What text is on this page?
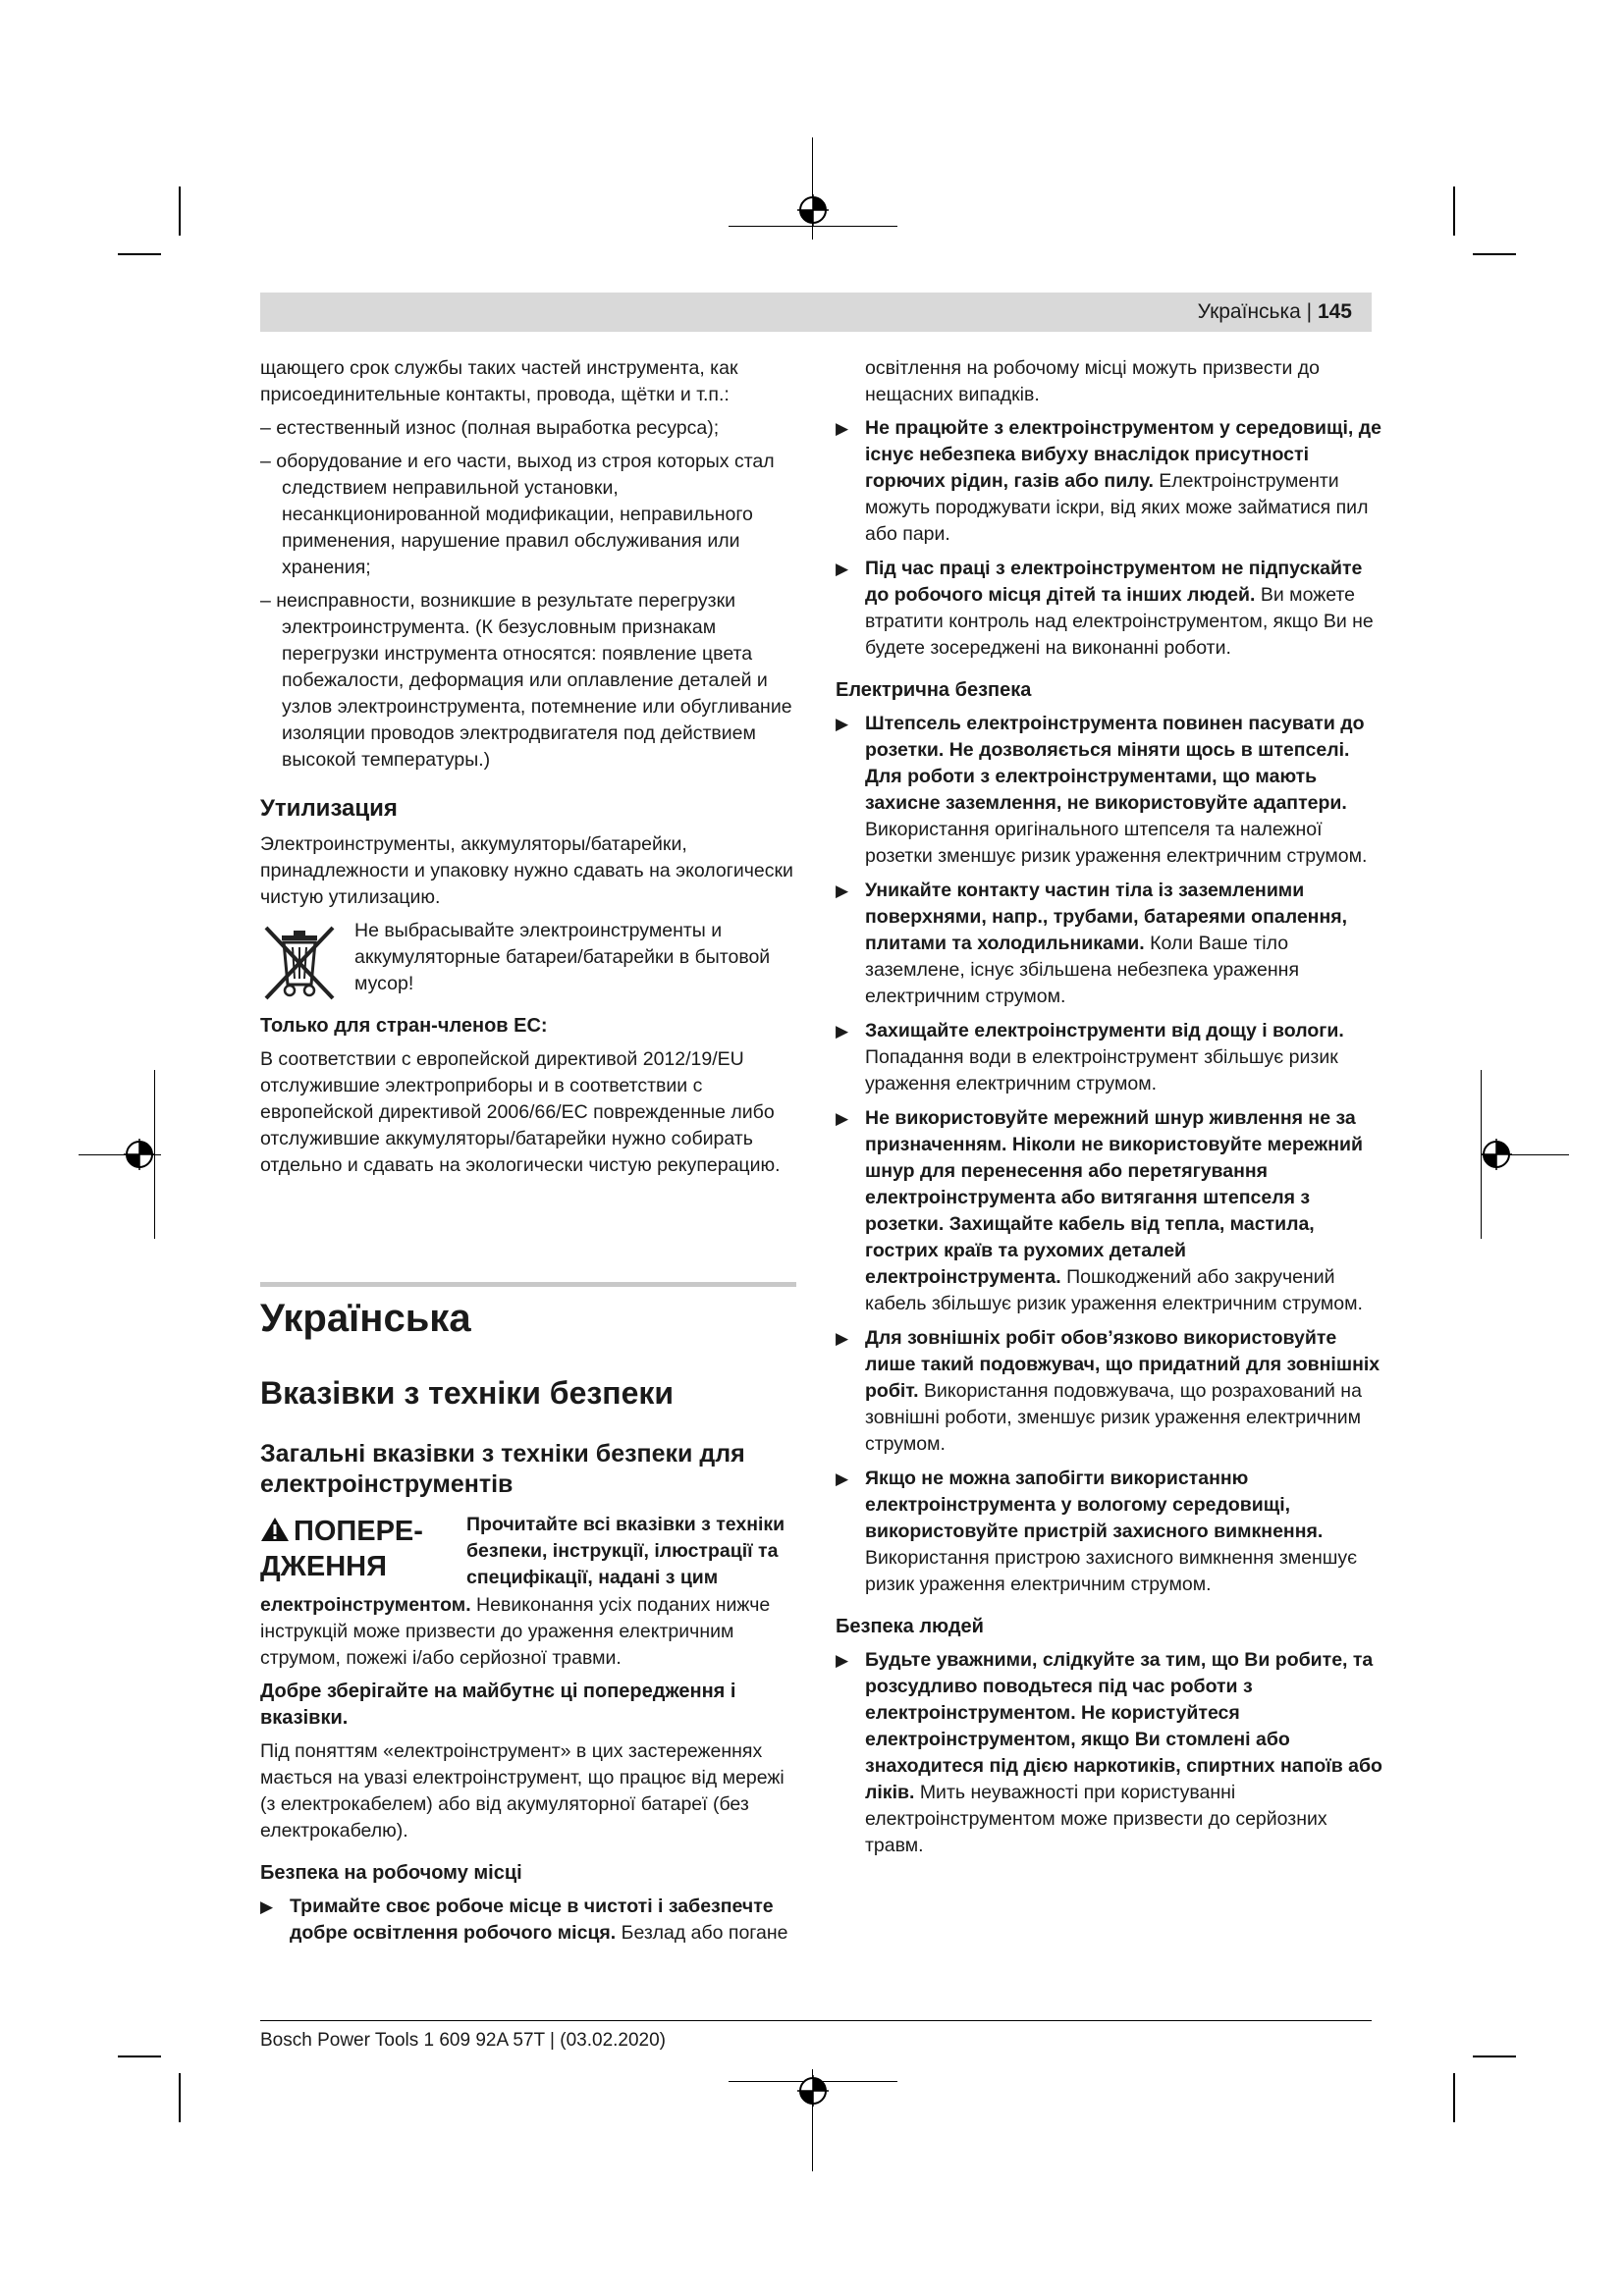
Українська | 145

щающего срок службы таких частей инструмента, как присоединительные контакты, провода, щётки и т.п.:

– естественный износ (полная выработка ресурса);

– оборудование и его части, выход из строя которых стал следствием неправильной установки, несанкционированной модификации, неправильного применения, нарушение правил обслуживания или хранения;

– неисправности, возникшие в результате перегрузки электроинструмента. (К безусловным признакам перегрузки инструмента относятся: появление цвета побежалости, деформация или оплавление деталей и узлов электроинструмента, потемнение или обугливание изоляции проводов электродвигателя под действием высокой температуры.)

Утилизация

Электроинструменты, аккумуляторы/батарейки, принадлежности и упаковку нужно сдавать на экологически чистую утилизацию.

Не выбрасывайте электроинструменты и аккумуляторные батареи/батарейки в бытовой мусор!
Только для стран-членов ЕС:

В соответствии с европейской директивой 2012/19/EU отслужившие электроприборы и в соответствии с европейской директивой 2006/66/EC поврежденные либо отслужившие аккумуляторы/батарейки нужно собирать отдельно и сдавать на экологически чистую рекуперацию.

Українська
Вказівки з техніки безпеки
Загальні вказівки з техніки безпеки для електроінструментів
ПОПЕРЕ-ДЖЕННЯ
Прочитайте всі вказівки з техніки безпеки, інструкції, ілюстрації та специфікації, надані з цим

електроінструментом. Невиконання усіх поданих нижче інструкцій може призвести до ураження електричним струмом, пожежі і/або серйозної травми.

Добре зберігайте на майбутнє ці попередження і вказівки.

Під поняттям «електроінструмент» в цих застереженнях мається на увазі електроінструмент, що працює від мережі (з електрокабелем) або від акумуляторної батареї (без електрокабелю).

Безпека на робочому місці
▶ Тримайте своє робоче місце в чистоті і забезпечте добре освітлення робочого місця. Безлад або погане

освітлення на робочому місці можуть призвести до нещасних випадків.

▶ Не працюйте з електроінструментом у середовищі, де існує небезпека вибуху внаслідок присутності горючих рідин, газів або пилу. Електроінструменти можуть породжувати іскри, від яких може займатися пил або пари.
▶ Під час праці з електроінструментом не підпускайте до робочого місця дітей та інших людей. Ви можете втратити контроль над електроінструментом, якщо Ви не будете зосереджені на виконанні роботи.
Електрична безпека
▶ Штепсель електроінструмента повинен пасувати до розетки. Не дозволяється міняти щось в штепселі. Для роботи з електроінструментами, що мають захисне заземлення, не використовуйте адаптери. Використання оригінального штепселя та належної розетки зменшує ризик ураження електричним струмом.
▶ Уникайте контакту частин тіла із заземленими поверхнями, напр., трубами, батареями опалення, плитами та холодильниками. Коли Ваше тіло заземлене, існує збільшена небезпека ураження електричним струмом.
▶ Захищайте електроінструменти від дощу і вологи. Попадання води в електроінструмент збільшує ризик ураження електричним струмом.
▶ Не використовуйте мережний шнур живлення не за призначенням. Ніколи не використовуйте мережний шнур для перенесення або перетягування електроінструмента або витягання штепселя з розетки. Захищайте кабель від тепла, мастила, гострих країв та рухомих деталей електроінструмента. Пошкоджений або закручений кабель збільшує ризик ураження електричним струмом.
▶ Для зовнішніх робіт обов’язково використовуйте лише такий подовжувач, що придатний для зовнішніх робіт. Використання подовжувача, що розрахований на зовнішні роботи, зменшує ризик ураження електричним струмом.
▶ Якщо не можна запобігти використанню електроінструмента у вологому середовищі, використовуйте пристрій захисного вимкнення. Використання пристрою захисного вимкнення зменшує ризик ураження електричним струмом.
Безпека людей
▶ Будьте уважними, слідкуйте за тим, що Ви робите, та розсудливо поводьтеся під час роботи з електроінструментом. Не користуйтеся електроінструментом, якщо Ви стомлені або знаходитеся під дією наркотиків, спиртних напоїв або ліків. Мить неуважності при користуванні електроінструментом може призвести до серйозних травм.
Bosch Power Tools 1 609 92A 57T | (03.02.2020)
